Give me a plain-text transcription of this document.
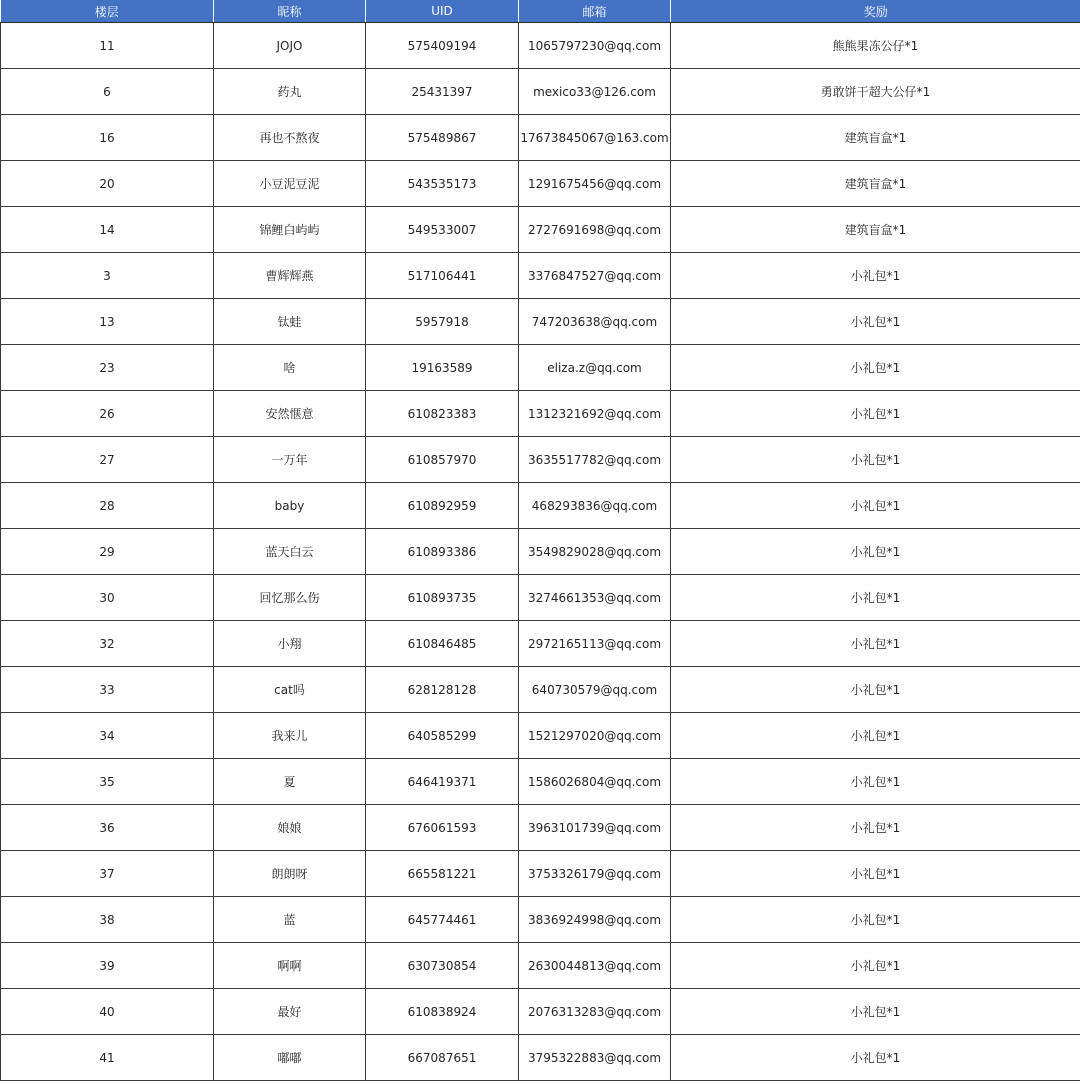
楼层	昵称	UID	邮箱	奖励
11	JOJO	575409194	1065797230@qq.com	熊熊果冻公仔*1
6	药丸	25431397	mexico33@126.com	勇敢饼干超大公仔*1
16	再也不熬夜	575489867	17673845067@163.com	建筑盲盒*1
20	小豆泥豆泥	543535173	1291675456@qq.com	建筑盲盒*1
14	锦鲤白屿屿	549533007	2727691698@qq.com	建筑盲盒*1
3	曹辉辉燕	517106441	3376847527@qq.com	小礼包*1
13	钛蛙	5957918	747203638@qq.com	小礼包*1
23	啥	19163589	eliza.z@qq.com	小礼包*1
26	安然惬意	610823383	1312321692@qq.com	小礼包*1
27	一万年	610857970	3635517782@qq.com	小礼包*1
28	baby	610892959	468293836@qq.com	小礼包*1
29	蓝天白云	610893386	3549829028@qq.com	小礼包*1
30	回忆那么伤	610893735	3274661353@qq.com	小礼包*1
32	小翔	610846485	2972165113@qq.com	小礼包*1
33	cat吗	628128128	640730579@qq.com	小礼包*1
34	我来儿	640585299	1521297020@qq.com	小礼包*1
35	夏	646419371	1586026804@qq.com	小礼包*1
36	娘娘	676061593	3963101739@qq.com	小礼包*1
37	朗朗呀	665581221	3753326179@qq.com	小礼包*1
38	蓝	645774461	3836924998@qq.com	小礼包*1
39	啊啊	630730854	2630044813@qq.com	小礼包*1
40	最好	610838924	2076313283@qq.com	小礼包*1
41	嘟嘟	667087651	3795322883@qq.com	小礼包*1
